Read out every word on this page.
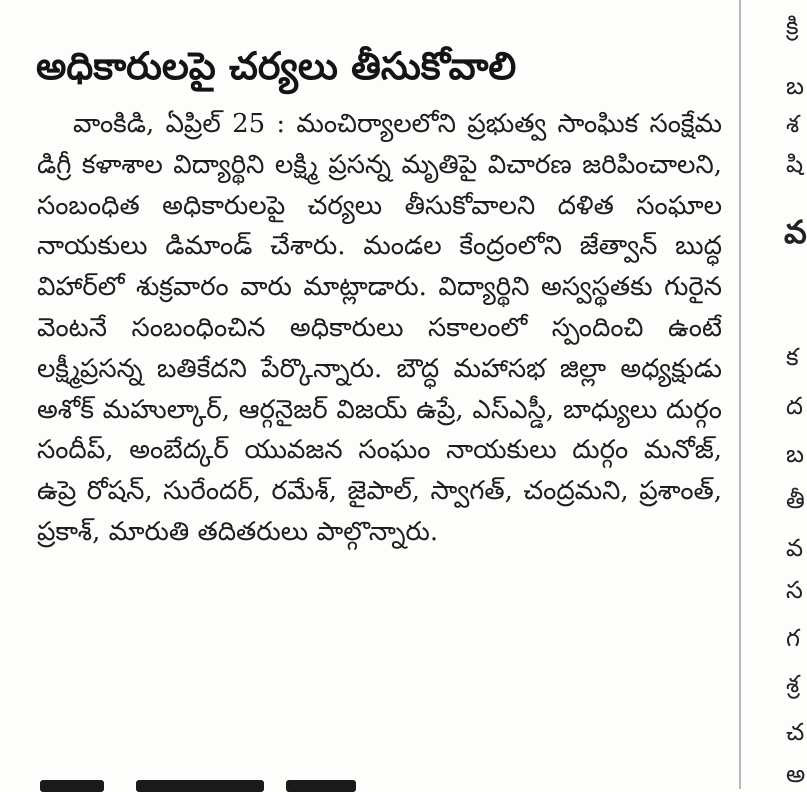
అధికారులపై చర్యలు తీసుకోవాలి

వాంకిడి, ఏప్రిల్ 25 : మంచిర్యాలలోని ప్రభుత్వ సాంఘిక సంక్షేమ డిగ్రీ కళాశాల విద్యార్థిని లక్ష్మి ప్రసన్న మృతిపై విచారణ జరిపించాలని, సంబంధిత అధికారులపై చర్యలు తీసుకోవాలని దళిత సంఘాల నాయకులు డిమాండ్ చేశారు. మండల కేంద్రంలోని జేత్వాన్ బుద్ధ విహార్‌లో శుక్రవారం వారు మాట్లాడారు. విద్యార్థిని అస్వస్థతకు గురైన వెంటనే సంబంధించిన అధికారులు సకాలంలో స్పందించి ఉంటే లక్ష్మీప్రసన్న బతికేదని పేర్కొన్నారు. బౌద్ధ మహాసభ జిల్లా అధ్యక్షుడు అశోక్ మహుల్కార్, ఆర్గనైజర్ విజయ్ ఉప్రే, ఎస్ఎస్డీ, బాధ్యులు దుర్గం సందీప్, అంబేద్కర్ యువజన సంఘం నాయకులు దుర్గం మనోజ్, ఉప్రె రోషన్, సురేందర్, రమేశ్, జైపాల్, స్వాగత్, చంద్రమని, ప్రశాంత్, ప్రకాశ్, మారుతి తదితరులు పాల్గొన్నారు.

క్రి
బ
శ
షి
వ
క
ద
బ
తీ
వ
స
గ
శ్ర
చ
అ
